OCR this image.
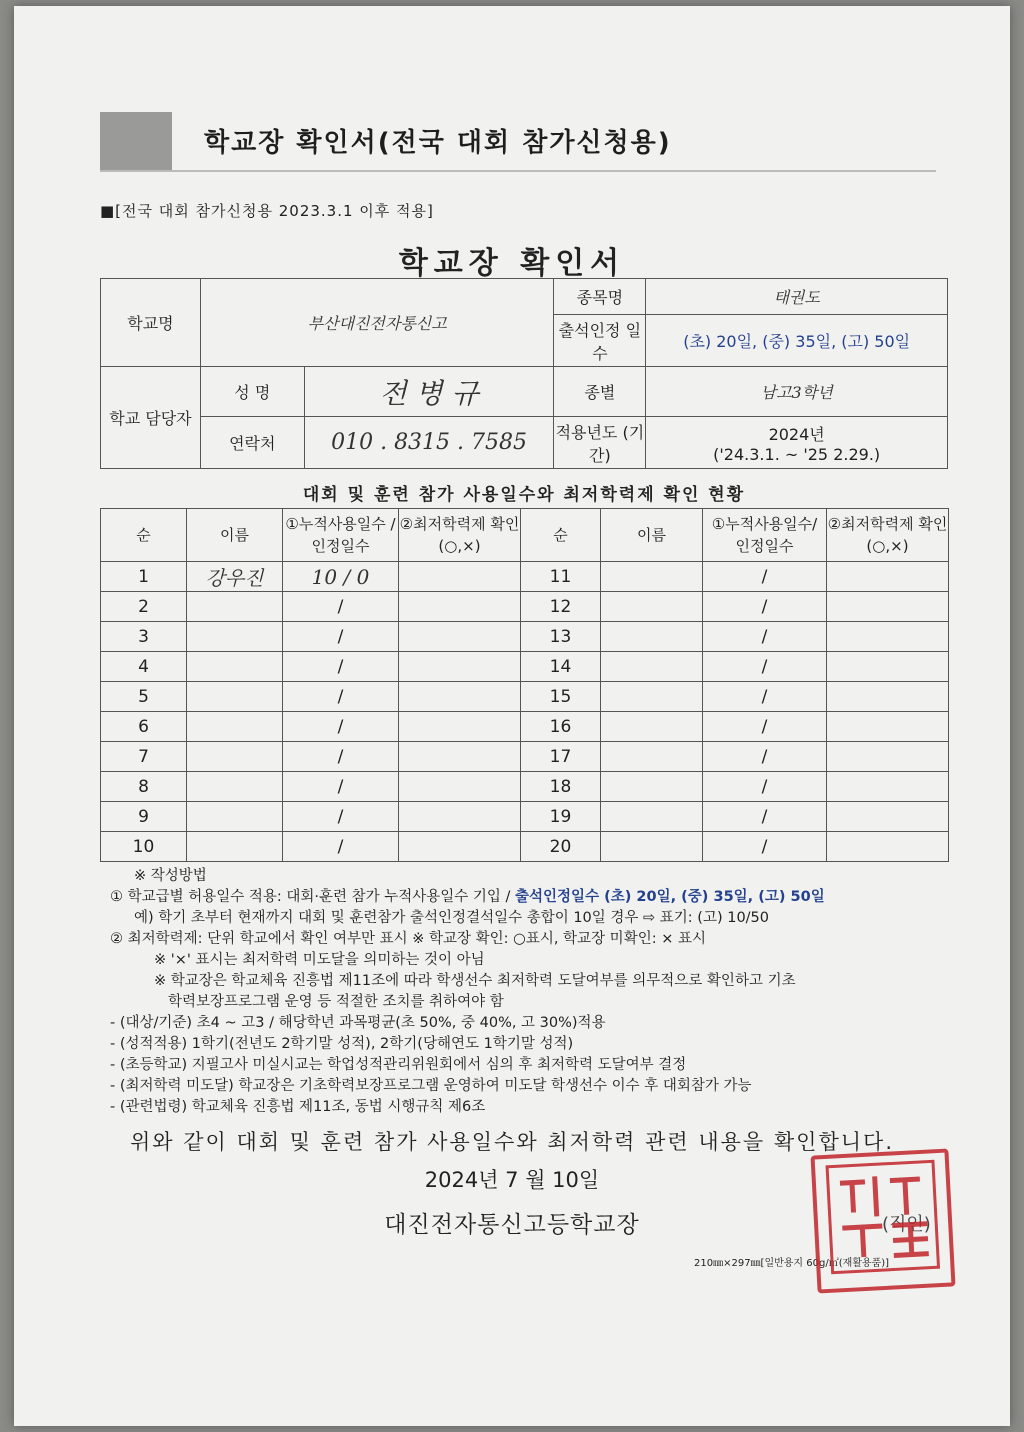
학교장 확인서(전국 대회 참가신청용)
■[전국 대회 참가신청용 2023.3.1 이후 적용]
학교장 확인서
학교명	부산대진전자통신고		종목명	태권도
			출석인정 일수	(초) 20일, (중) 35일, (고) 50일
학교 담당자	성 명	전 병 규	종별	남고3학년
	연락처	010 . 8315 . 7585	적용년도 (기간)	2024년
('24.3.1. ~ '25 2.29.)
대회 및 훈련 참가 사용일수와 최저학력제 확인 현황
순	이름	①누적사용일수 /인정일수	②최저학력제 확인(○,×)	순	이름	①누적사용일수/ 인정일수	②최저학력제 확인(○,×)
1	강우진	10 / 0		11		/	
2		/		12		/	
3		/		13		/	
4		/		14		/	
5		/		15		/	
6		/		16		/	
7		/		17		/	
8		/		18		/	
9		/		19		/	
10		/		20		/	
※ 작성방법
① 학교급별 허용일수 적용: 대회·훈련 참가 누적사용일수 기입 / 출석인정일수 (초) 20일, (중) 35일, (고) 50일
예) 학기 초부터 현재까지 대회 및 훈련참가 출석인정결석일수 총합이 10일 경우 ⇨ 표기: (고) 10/50
② 최저학력제: 단위 학교에서 확인 여부만 표시 ※ 학교장 확인: ○표시, 학교장 미확인: × 표시
※ '×' 표시는 최저학력 미도달을 의미하는 것이 아님
※ 학교장은 학교체육 진흥법 제11조에 따라 학생선수 최저학력 도달여부를 의무적으로 확인하고 기초
학력보장프로그램 운영 등 적절한 조치를 취하여야 함
- (대상/기준) 초4 ~ 고3 / 해당학년 과목평균(초 50%, 중 40%, 고 30%)적용
- (성적적용) 1학기(전년도 2학기말 성적), 2학기(당해연도 1학기말 성적)
- (초등학교) 지필고사 미실시교는 학업성적관리위원회에서 심의 후 최저학력 도달여부 결정
- (최저학력 미도달) 학교장은 기초학력보장프로그램 운영하여 미도달 학생선수 이수 후 대회참가 가능
- (관련법령) 학교체육 진흥법 제11조, 동법 시행규칙 제6조
위와 같이 대회 및 훈련 참가 사용일수와 최저학력 관련 내용을 확인합니다.
2024년 7 월 10일
대진전자통신고등학교장	(직인)
210㎜×297㎜[일반용지 60g/㎡(재활용품)]
